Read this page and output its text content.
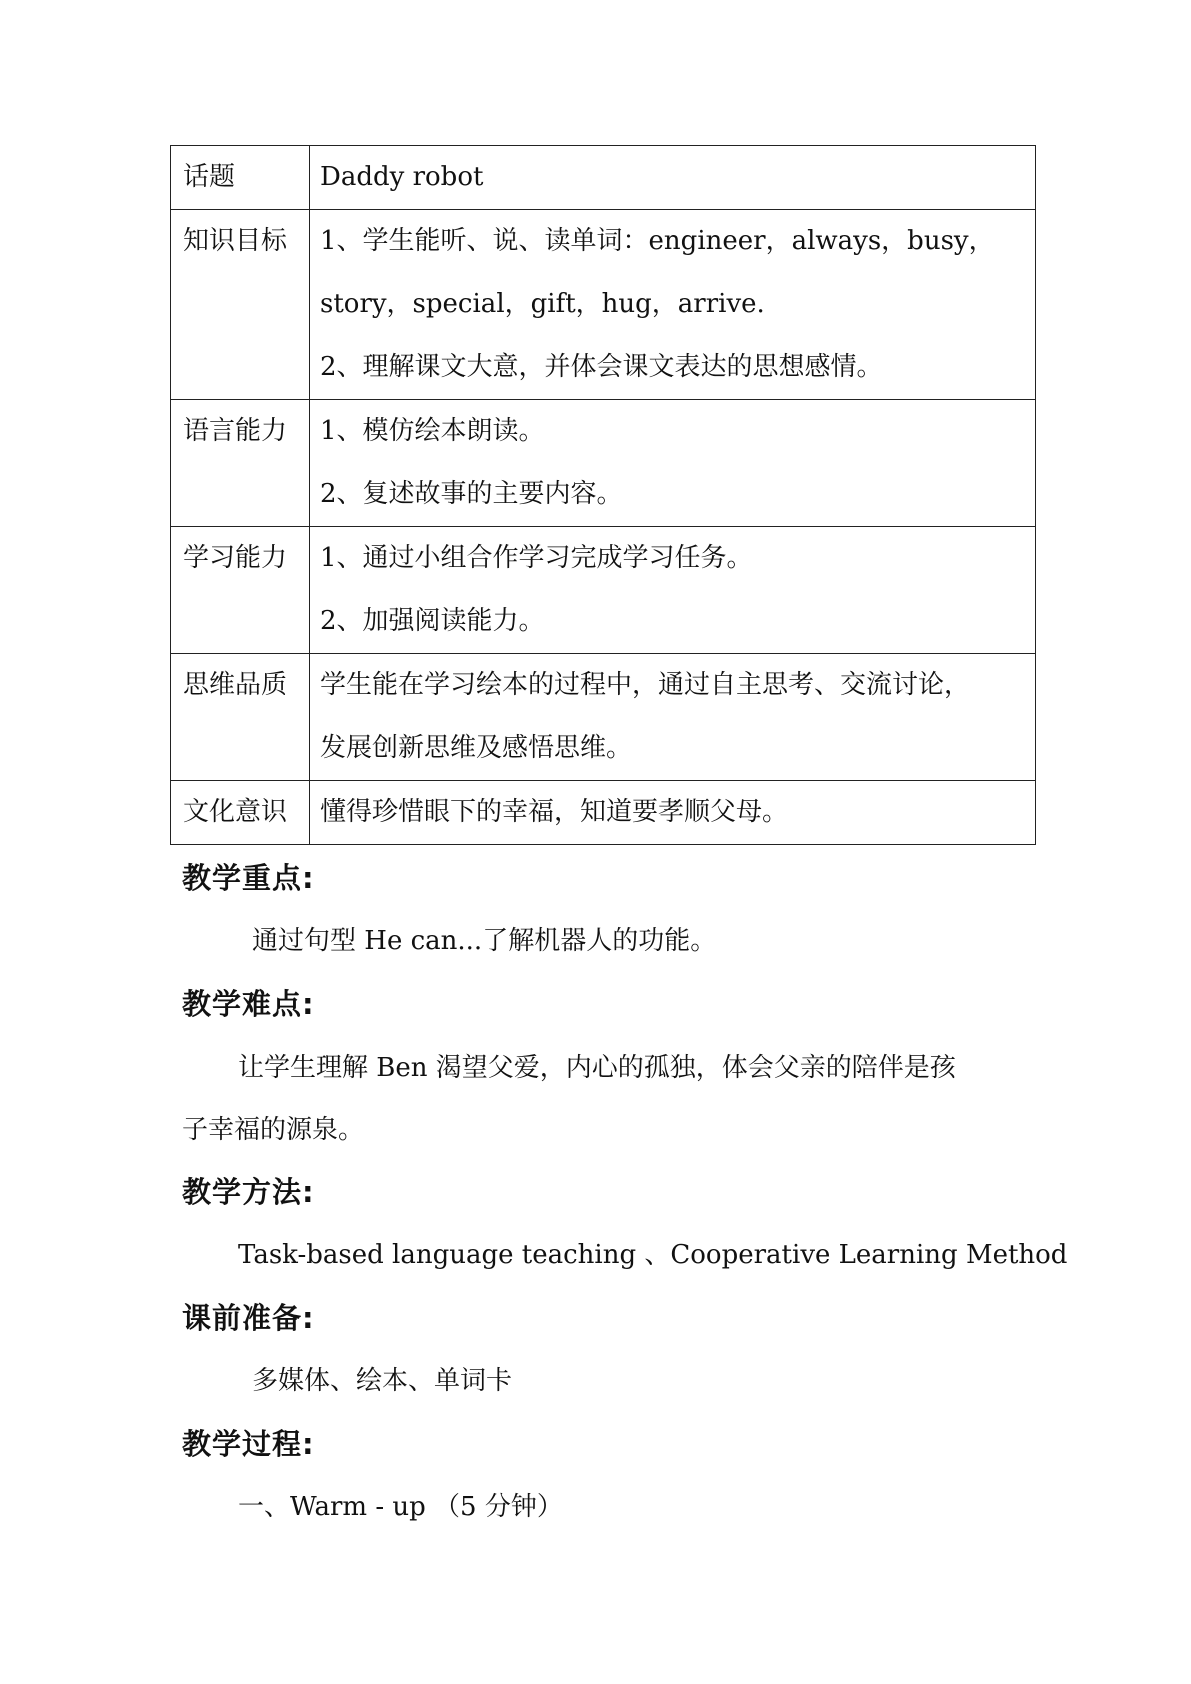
话题	Daddy robot

知识目标	1、学生能听、说、读单词：engineer，always，busy，
story，special，gift，hug，arrive.
2、理解课文大意，并体会课文表达的思想感情。

语言能力	1、模仿绘本朗读。
2、复述故事的主要内容。

学习能力	1、通过小组合作学习完成学习任务。
2、加强阅读能力。

思维品质	学生能在学习绘本的过程中，通过自主思考、交流讨论，
发展创新思维及感悟思维。

文化意识	懂得珍惜眼下的幸福，知道要孝顺父母。
教学重点:
通过句型 He can...了解机器人的功能。
教学难点:
让学生理解 Ben 渴望父爱，内心的孤独，体会父亲的陪伴是孩
子幸福的源泉。
教学方法:
Task-based language teaching 、Cooperative Learning Method
课前准备:
多媒体、绘本、单词卡
教学过程:
一、Warm - up （5 分钟）
